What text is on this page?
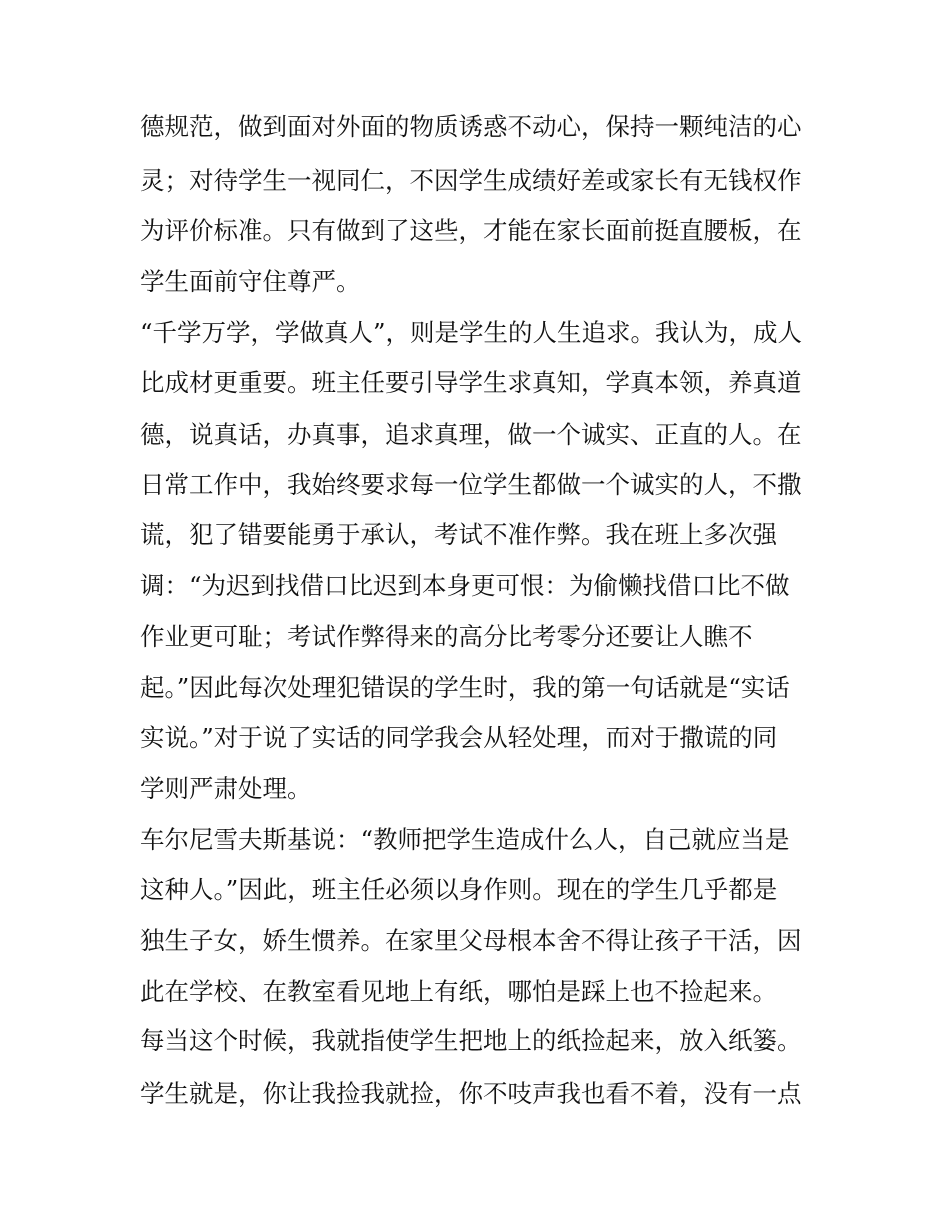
德规范，做到面对外面的物质诱惑不动心，保持一颗纯洁的心
灵；对待学生一视同仁，不因学生成绩好差或家长有无钱权作
为评价标准。只有做到了这些，才能在家长面前挺直腰板，在
学生面前守住尊严。
“千学万学，学做真人”，则是学生的人生追求。我认为，成人
比成材更重要。班主任要引导学生求真知，学真本领，养真道
德，说真话，办真事，追求真理，做一个诚实、正直的人。在
日常工作中，我始终要求每一位学生都做一个诚实的人，不撒
谎，犯了错要能勇于承认，考试不准作弊。我在班上多次强
调：“为迟到找借口比迟到本身更可恨：为偷懒找借口比不做
作业更可耻；考试作弊得来的高分比考零分还要让人瞧不
起。”因此每次处理犯错误的学生时，我的第一句话就是“实话
实说。”对于说了实话的同学我会从轻处理，而对于撒谎的同
学则严肃处理。
车尔尼雪夫斯基说：“教师把学生造成什么人，自己就应当是
这种人。”因此，班主任必须以身作则。现在的学生几乎都是
独生子女，娇生惯养。在家里父母根本舍不得让孩子干活，因
此在学校、在教室看见地上有纸，哪怕是踩上也不捡起来。
每当这个时候，我就指使学生把地上的纸捡起来，放入纸篓。
学生就是，你让我捡我就捡，你不吱声我也看不着，没有一点
